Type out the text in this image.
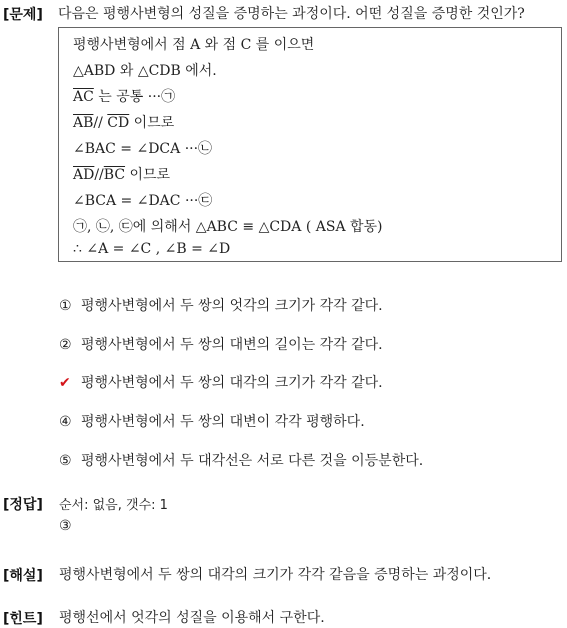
[문제] 다음은 평행사변형의 성질을 증명하는 과정이다. 어떤 성질을 증명한 것인가?
평행사변형에서 점 A 와 점 C 를 이으면
△ABD 와 △CDB 에서.
$\overline{AC}$ 는 공통 ···㉠
$\overline{AB}//$ $\overline{CD}$ 이므로
∠BAC = ∠DCA ···㉡
$\overline{AD}//\overline{BC}$ 이므로
∠BCA = ∠DAC ···㉢
㉠, ㉡, ㉢에 의해서 △ABC ≡ △CDA ( ASA 합동)
∴ ∠A = ∠C , ∠B = ∠D
① 평행사변형에서 두 쌍의 엇각의 크기가 각각 같다.
② 평행사변형에서 두 쌍의 대변의 길이는 각각 같다.
✔ 평행사변형에서 두 쌍의 대각의 크기가 각각 같다.
④ 평행사변형에서 두 쌍의 대변이 각각 평행하다.
⑤ 평행사변형에서 두 대각선은 서로 다른 것을 이등분한다.
[정답] 순서: 없음, 갯수: 1
③
[해설] 평행사변형에서 두 쌍의 대각의 크기가 각각 같음을 증명하는 과정이다.
[힌트] 평행선에서 엇각의 성질을 이용해서 구한다.
